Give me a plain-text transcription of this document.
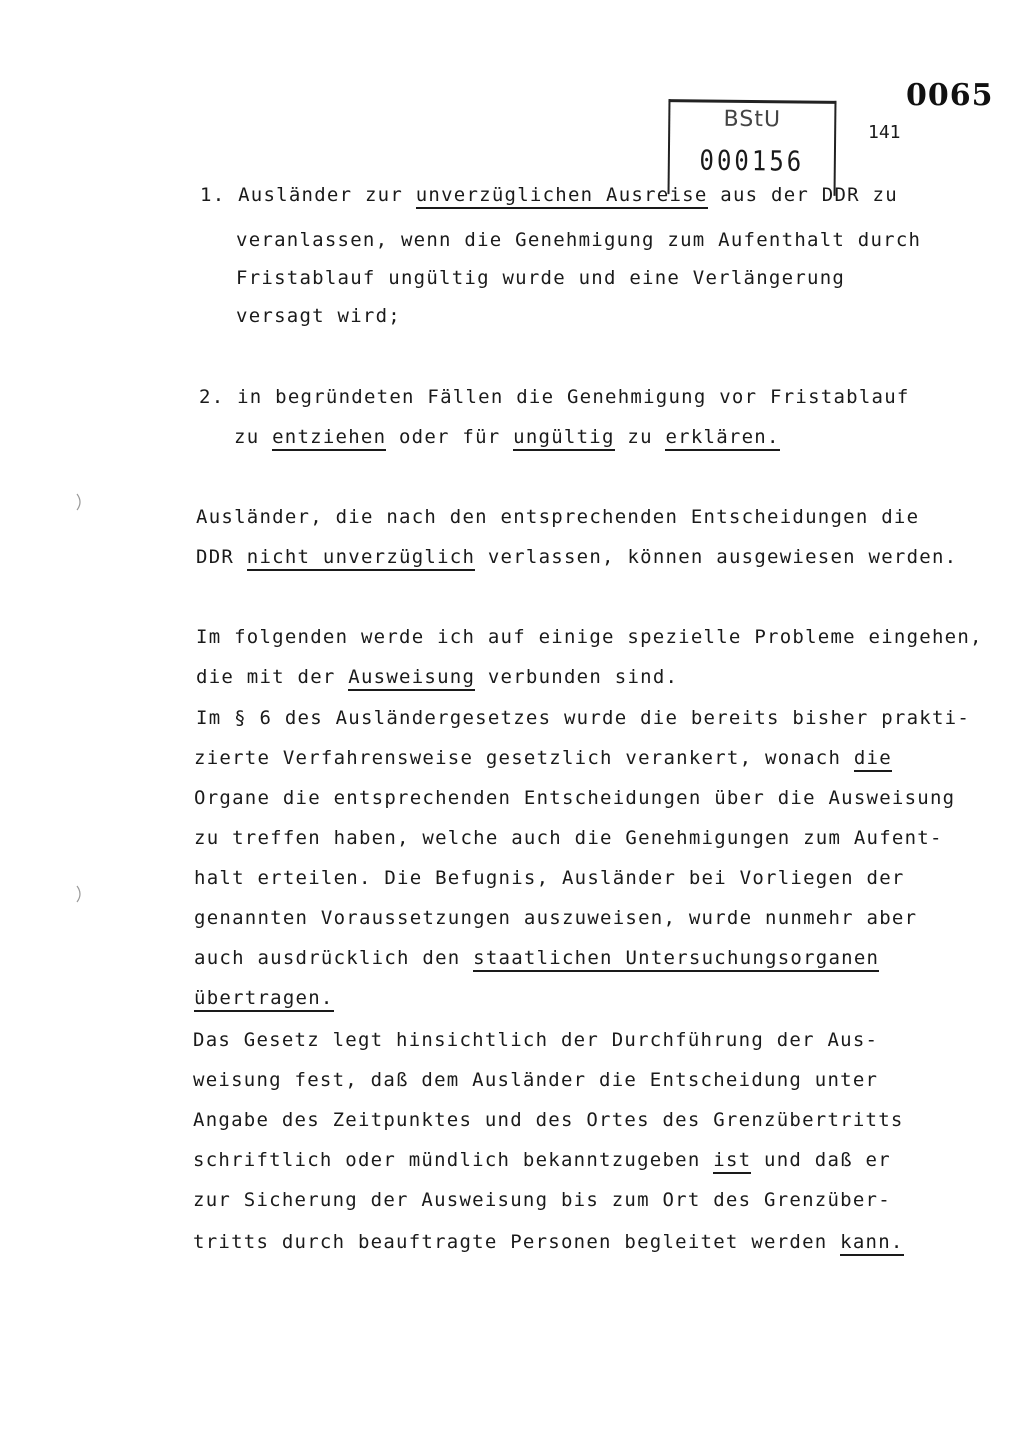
0065
BStU
000156
141
1. Ausländer zur unverzüglichen Ausreise aus der DDR zu
veranlassen, wenn die Genehmigung zum Aufenthalt durch
Fristablauf ungültig wurde und eine Verlängerung
versagt wird;
2. in begründeten Fällen die Genehmigung vor Fristablauf
zu entziehen oder für ungültig zu erklären.
Ausländer, die nach den entsprechenden Entscheidungen die
DDR nicht unverzüglich verlassen, können ausgewiesen werden.
Im folgenden werde ich auf einige spezielle Probleme eingehen,
die mit der Ausweisung verbunden sind.
Im § 6 des Ausländergesetzes wurde die bereits bisher prakti-
zierte Verfahrensweise gesetzlich verankert, wonach die
Organe die entsprechenden Entscheidungen über die Ausweisung
zu treffen haben, welche auch die Genehmigungen zum Aufent-
halt erteilen. Die Befugnis, Ausländer bei Vorliegen der
genannten Voraussetzungen auszuweisen, wurde nunmehr aber
auch ausdrücklich den staatlichen Untersuchungsorganen
übertragen.
Das Gesetz legt hinsichtlich der Durchführung der Aus-
weisung fest, daß dem Ausländer die Entscheidung unter
Angabe des Zeitpunktes und des Ortes des Grenzübertritts
schriftlich oder mündlich bekanntzugeben ist und daß er
zur Sicherung der Ausweisung bis zum Ort des Grenzüber-
tritts durch beauftragte Personen begleitet werden kann.
